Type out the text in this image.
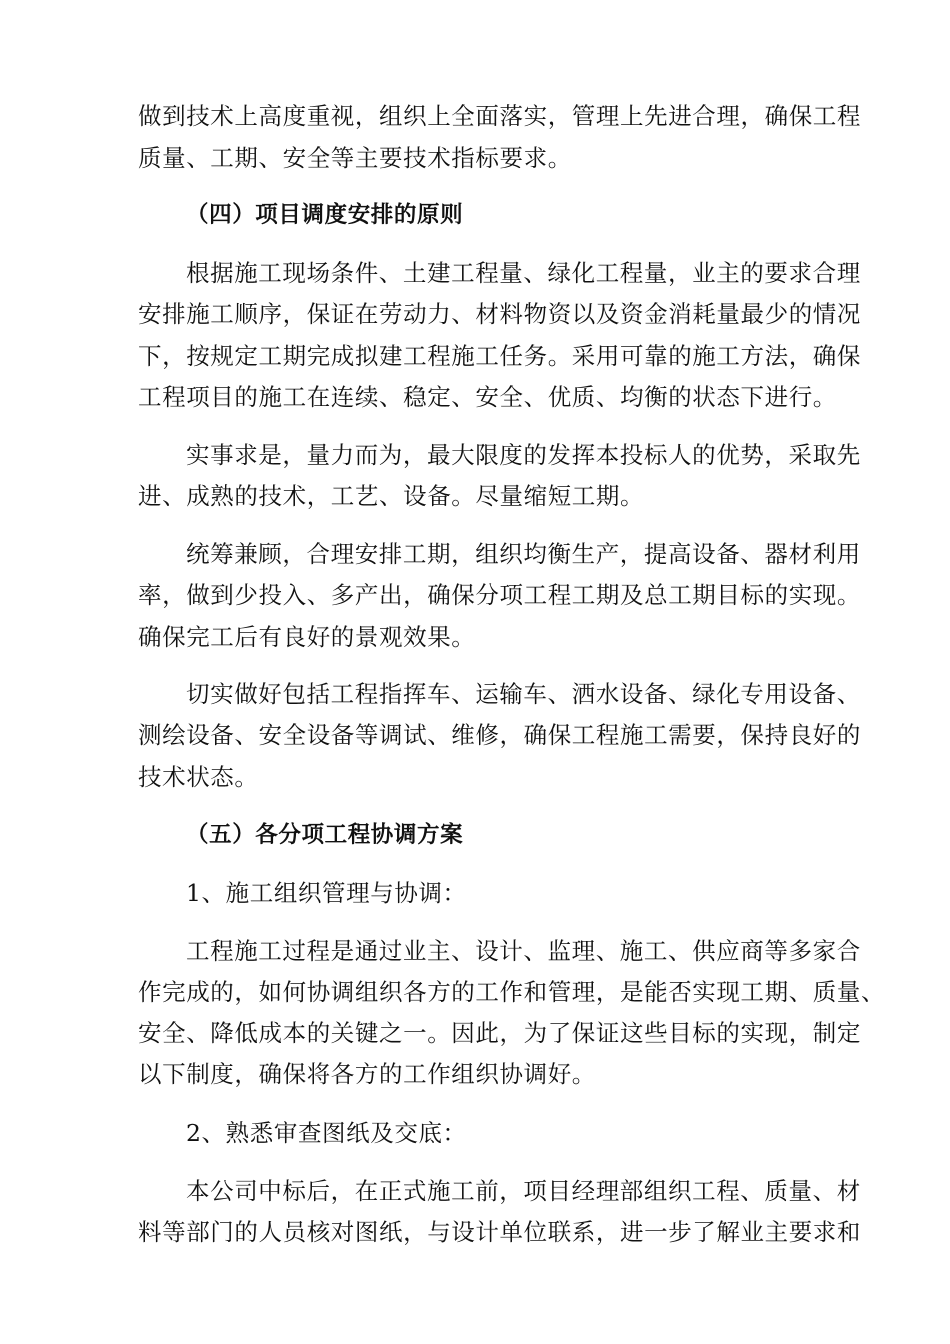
做到技术上高度重视，组织上全面落实，管理上先进合理，确保工程
质量、工期、安全等主要技术指标要求。
（四）项目调度安排的原则
根据施工现场条件、土建工程量、绿化工程量，业主的要求合理
安排施工顺序，保证在劳动力、材料物资以及资金消耗量最少的情况
下，按规定工期完成拟建工程施工任务。采用可靠的施工方法，确保
工程项目的施工在连续、稳定、安全、优质、均衡的状态下进行。
实事求是，量力而为，最大限度的发挥本投标人的优势，采取先
进、成熟的技术，工艺、设备。尽量缩短工期。
统筹兼顾，合理安排工期，组织均衡生产，提高设备、器材利用
率，做到少投入、多产出，确保分项工程工期及总工期目标的实现。
确保完工后有良好的景观效果。
切实做好包括工程指挥车、运输车、洒水设备、绿化专用设备、
测绘设备、安全设备等调试、维修，确保工程施工需要，保持良好的
技术状态。
（五）各分项工程协调方案
1、施工组织管理与协调：
工程施工过程是通过业主、设计、监理、施工、供应商等多家合
作完成的，如何协调组织各方的工作和管理，是能否实现工期、质量、
安全、降低成本的关键之一。因此，为了保证这些目标的实现，制定
以下制度，确保将各方的工作组织协调好。
2、熟悉审查图纸及交底：
本公司中标后，在正式施工前，项目经理部组织工程、质量、材
料等部门的人员核对图纸，与设计单位联系，进一步了解业主要求和
